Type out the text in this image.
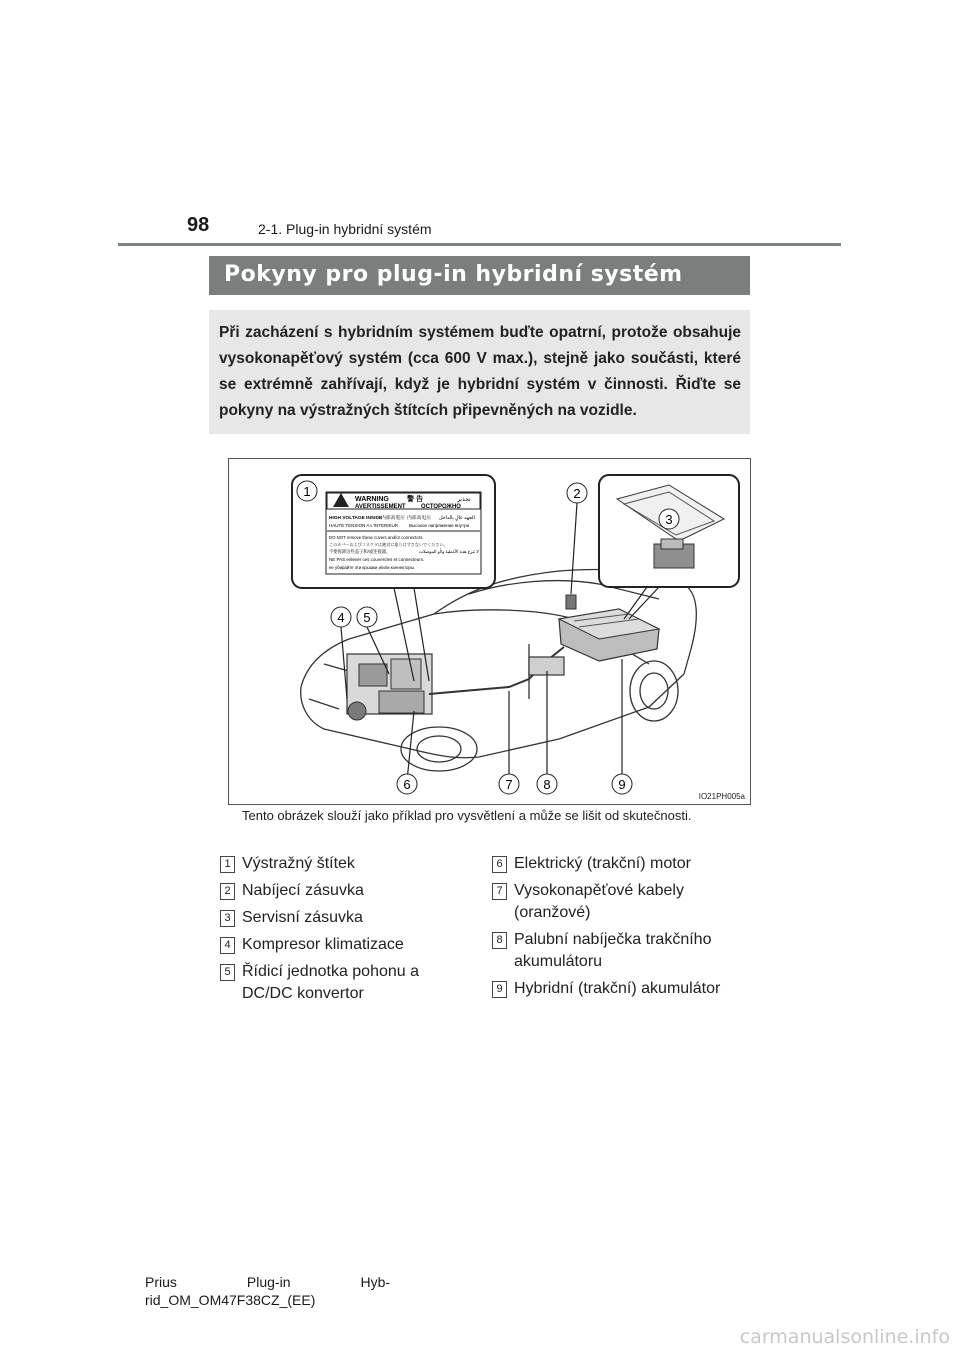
98	2-1. Plug-in hybridní systém
Pokyny pro plug-in hybridní systém
Při zacházení s hybridním systémem buďte opatrní, protože obsahuje vysokonapěťový systém (cca 600 V max.), stejně jako součásti, které se extrémně zahřívají, když je hybridní systém v činnosti. Řiďte se pokyny na výstražných štítcích připevněných na vozidle.
WARNING	警 告	تحذير
AVERTISSEMENT	ОСТОРОЖНО
HIGH VOLTAGE INSIDE
内部高電圧 内部高电压 الجهد عالٍ بالداخل
HAUTE TENSION A L'INTERIEUR Высокое напряжение внутри
DO NOT remove these covers and/or connectors.
このカバーおよびコネクタは絶対に取りはずさないでください。
不要拆卸这些盖子和/或连接器。	لا تنزع هذه الأغطية و/أو الموصلات
NE PAS enlever ces couvercles et connecteurs.
не убирайте эти крышки и/или коннекторы.
1	2
3
4 5
6	7 8	9
IO21PH005a
Tento obrázek slouží jako příklad pro vysvětlení a může se lišit od skutečnosti.
1 Výstražný štítek
2 Nabíjecí zásuvka
3 Servisní zásuvka
4 Kompresor klimatizace
5 Řídicí jednotka pohonu a DC/DC konvertor
6 Elektrický (trakční) motor
7 Vysokonapěťové kabely (oranžové)
8 Palubní nabíječka trakčního akumulátoru
9 Hybridní (trakční) akumulátor
Prius                  Plug-in                  Hyb-
rid_OM_OM47F38CZ_(EE)
carmanualsonline.info
